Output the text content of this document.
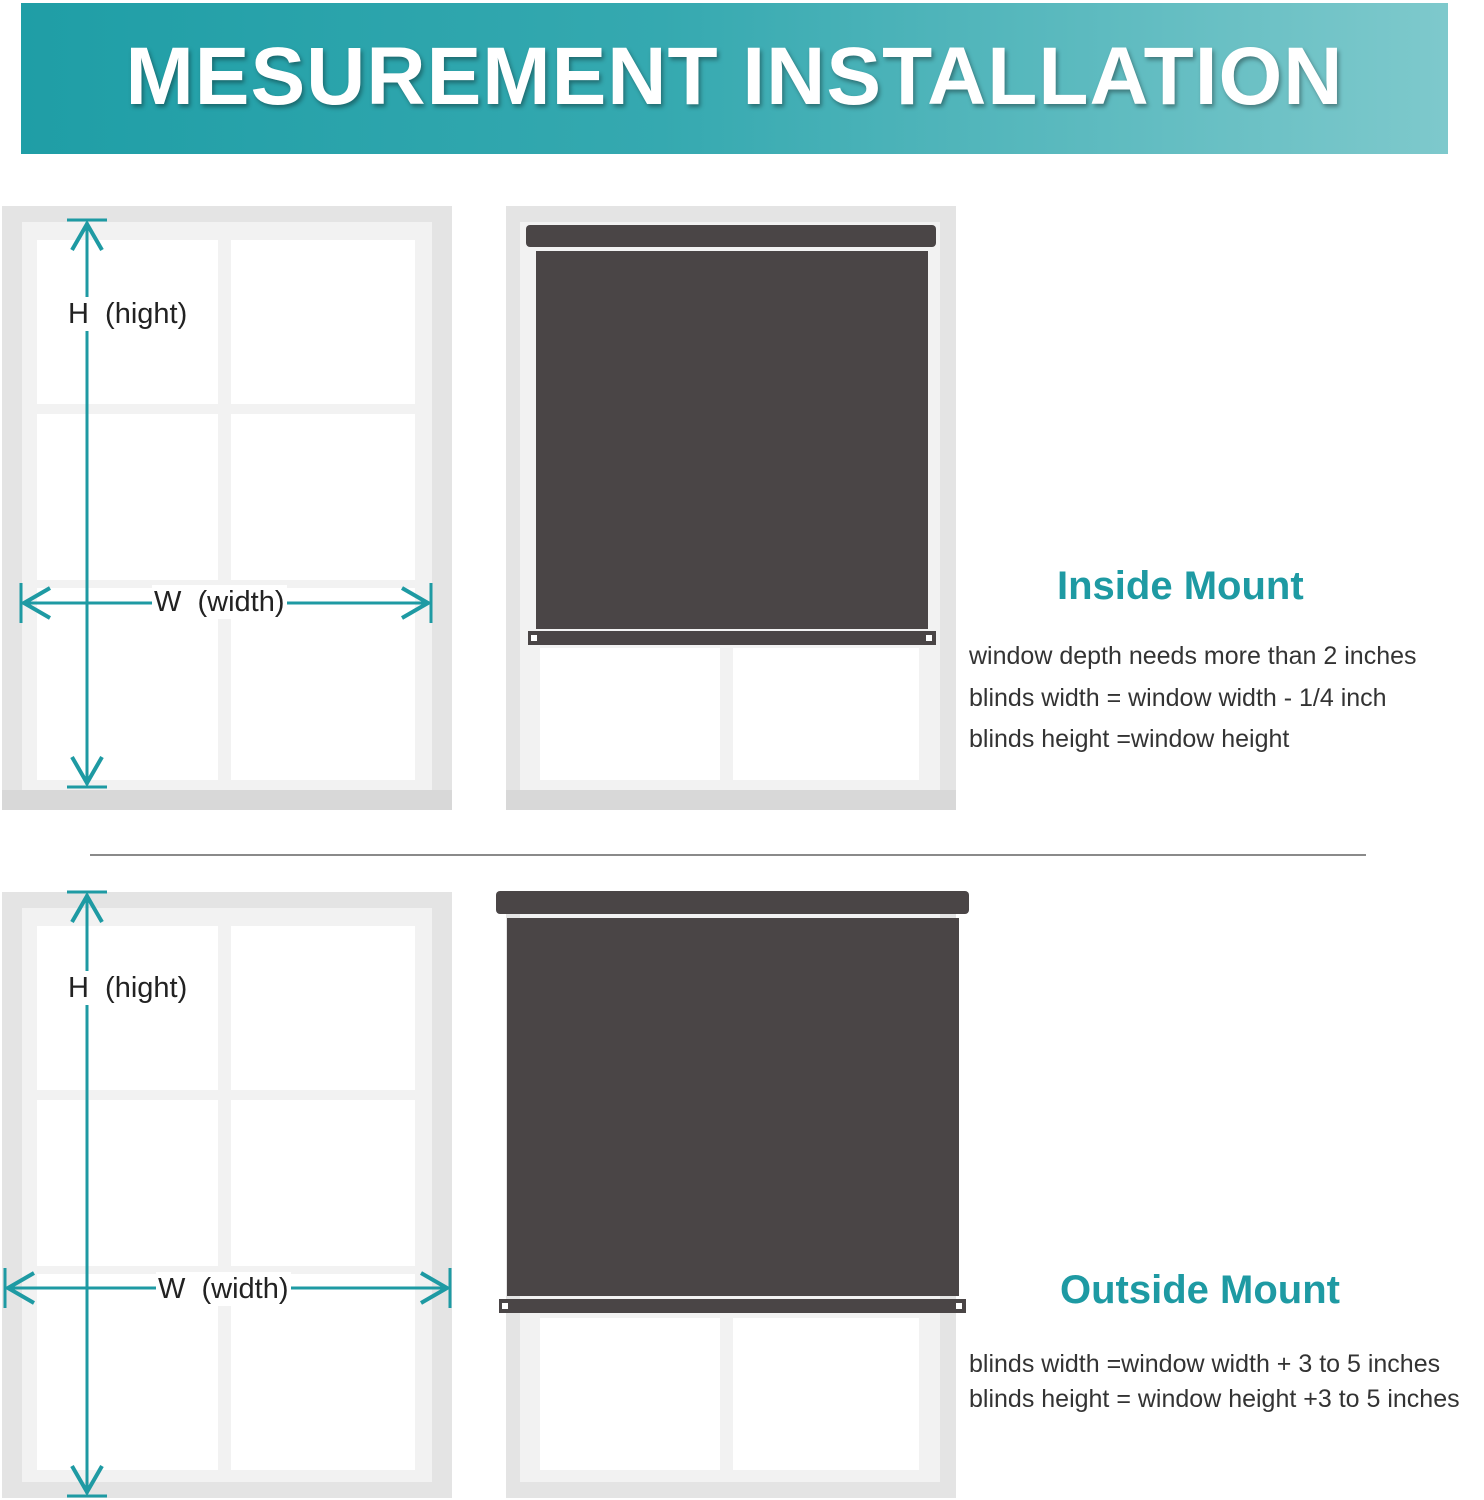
MESUREMENT INSTALLATION
H  (hight)
W  (width)
H  (hight)
W  (width)
Inside Mount
window depth needs more than 2 inches
blinds width = window width - 1/4 inch
blinds height =window height
Outside Mount
blinds width =window width + 3 to 5 inches
blinds height = window height +3 to 5 inches
